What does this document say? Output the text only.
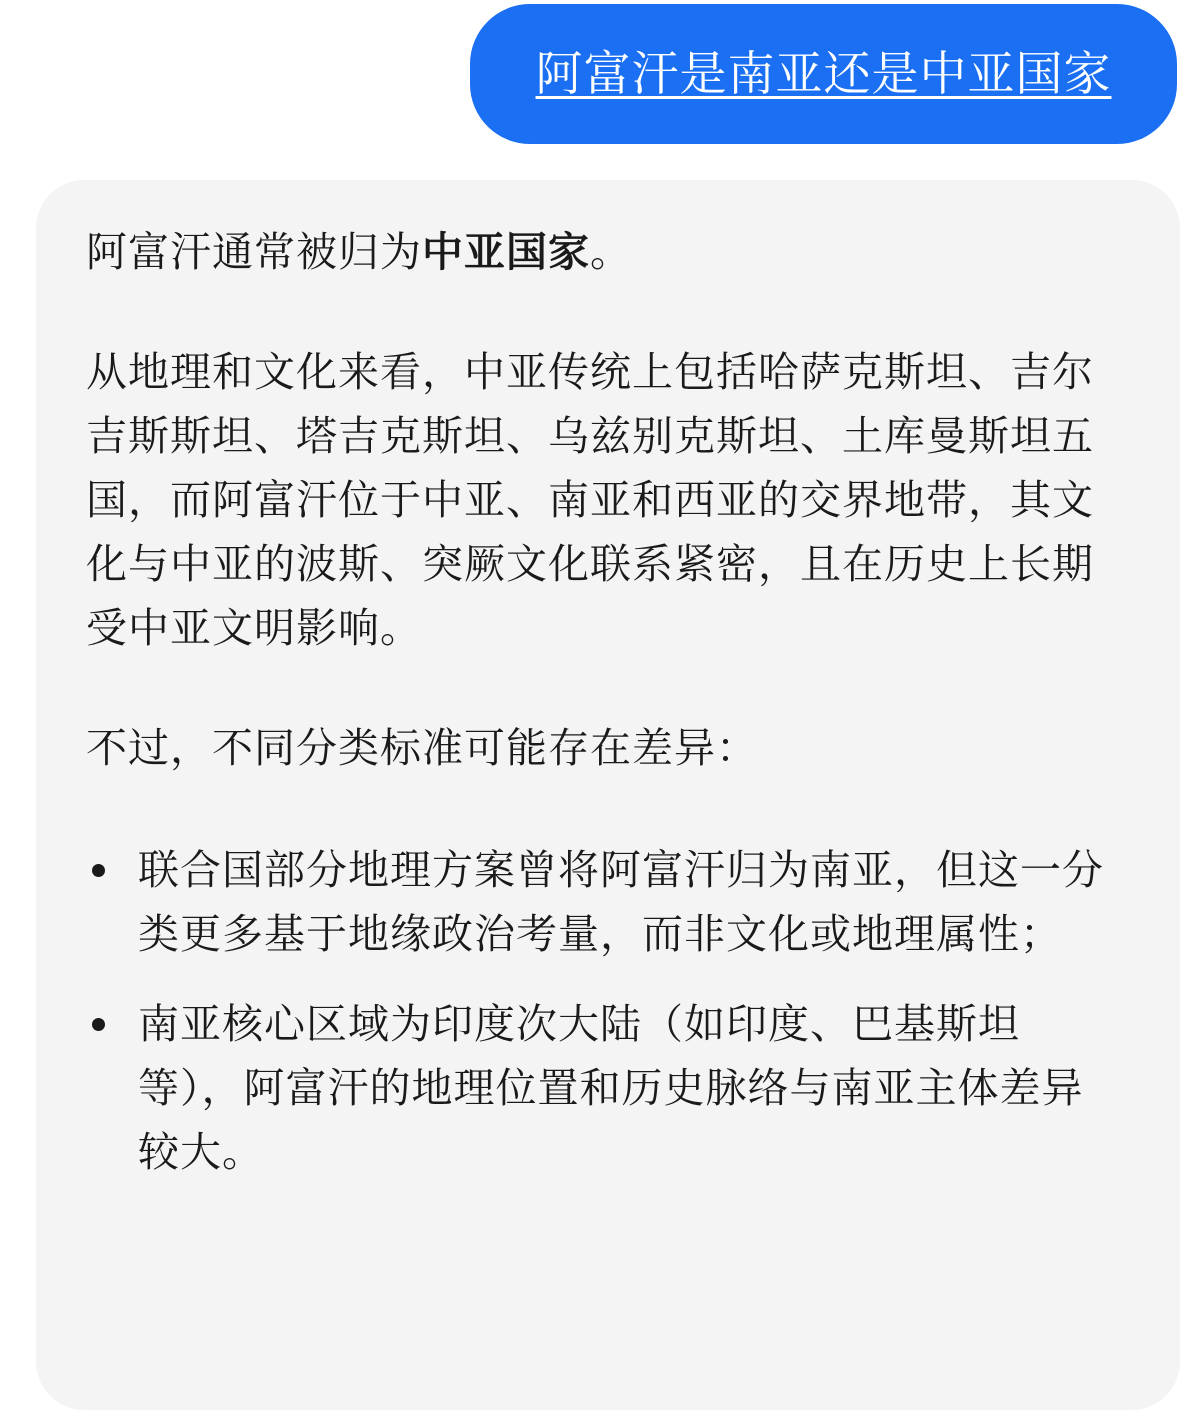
阿富汗是南亚还是中亚国家

阿富汗通常被归为中亚国家。

从地理和文化来看，中亚传统上包括哈萨克斯坦、吉尔吉斯斯坦、塔吉克斯坦、乌兹别克斯坦、土库曼斯坦五国，而阿富汗位于中亚、南亚和西亚的交界地带，其文化与中亚的波斯、突厥文化联系紧密，且在历史上长期受中亚文明影响。

不过，不同分类标准可能存在差异：

联合国部分地理方案曾将阿富汗归为南亚，但这一分类更多基于地缘政治考量，而非文化或地理属性；
南亚核心区域为印度次大陆（如印度、巴基斯坦等），阿富汗的地理位置和历史脉络与南亚主体差异较大。
